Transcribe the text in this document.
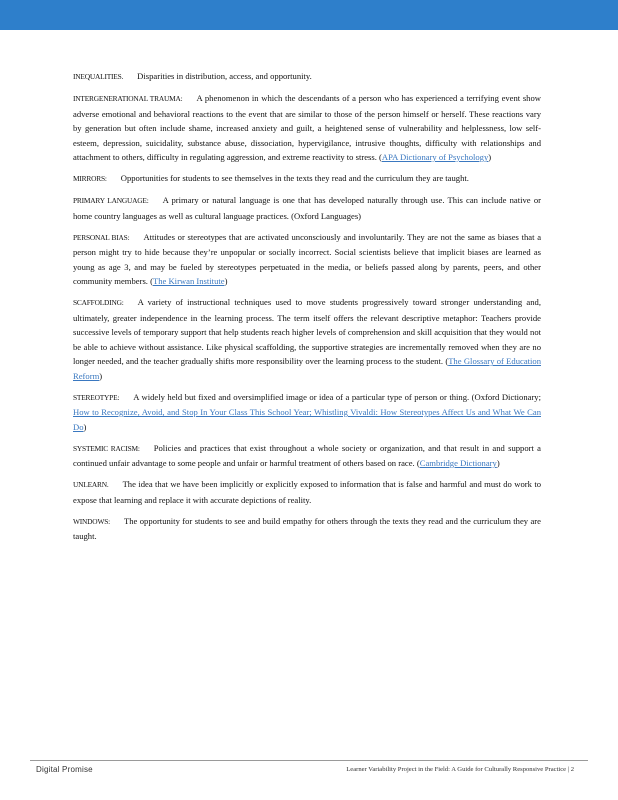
INEQUALITIES. Disparities in distribution, access, and opportunity.

INTERGENERATIONAL TRAUMA: A phenomenon in which the descendants of a person who has experienced a terrifying event show adverse emotional and behavioral reactions to the event that are similar to those of the person himself or herself. These reactions vary by generation but often include shame, increased anxiety and guilt, a heightened sense of vulnerability and helplessness, low self-esteem, depression, suicidality, substance abuse, dissociation, hypervigilance, intrusive thoughts, difficulty with relationships and attachment to others, difficulty in regulating aggression, and extreme reactivity to stress. (APA Dictionary of Psychology)

MIRRORS: Opportunities for students to see themselves in the texts they read and the curriculum they are taught.

PRIMARY LANGUAGE: A primary or natural language is one that has developed naturally through use. This can include native or home country languages as well as cultural language practices. (Oxford Languages)

PERSONAL BIAS: Attitudes or stereotypes that are activated unconsciously and involuntarily. They are not the same as biases that a person might try to hide because they’re unpopular or socially incorrect. Social scientists believe that implicit biases are learned as young as age 3, and may be fueled by stereotypes perpetuated in the media, or beliefs passed along by parents, peers, and other community members. (The Kirwan Institute)

SCAFFOLDING: A variety of instructional techniques used to move students progressively toward stronger understanding and, ultimately, greater independence in the learning process. The term itself offers the relevant descriptive metaphor: Teachers provide successive levels of temporary support that help students reach higher levels of comprehension and skill acquisition that they would not be able to achieve without assistance. Like physical scaffolding, the supportive strategies are incrementally removed when they are no longer needed, and the teacher gradually shifts more responsibility over the learning process to the student. (The Glossary of Education Reform)

STEREOTYPE: A widely held but fixed and oversimplified image or idea of a particular type of person or thing. (Oxford Dictionary; How to Recognize, Avoid, and Stop In Your Class This School Year; Whistling Vivaldi: How Stereotypes Affect Us and What We Can Do)

SYSTEMIC RACISM: Policies and practices that exist throughout a whole society or organization, and that result in and support a continued unfair advantage to some people and unfair or harmful treatment of others based on race. (Cambridge Dictionary)

UNLEARN. The idea that we have been implicitly or explicitly exposed to information that is false and harmful and must do work to expose that learning and replace it with accurate depictions of reality.

WINDOWS: The opportunity for students to see and build empathy for others through the texts they read and the curriculum they are taught.

Digital Promise	Learner Variability Project in the Field: A Guide for Culturally Responsive Practice | 2
